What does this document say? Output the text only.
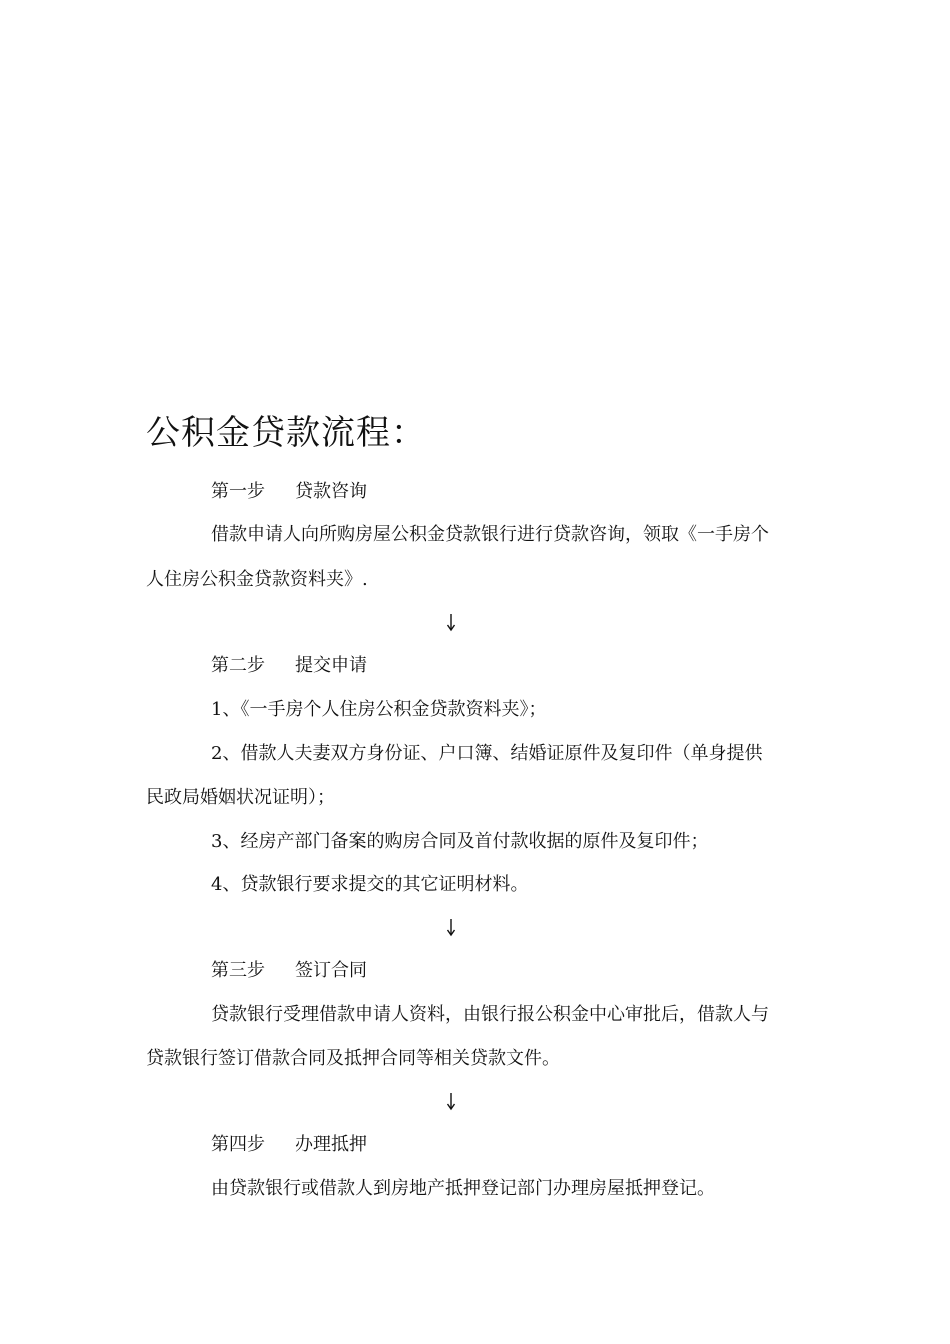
公积金贷款流程：
第一步 贷款咨询
借款申请人向所购房屋公积金贷款银行进行贷款咨询，领取《一手房个
人住房公积金贷款资料夹》.
第二步 提交申请
1、《一手房个人住房公积金贷款资料夹》；
2、借款人夫妻双方身份证、户口簿、结婚证原件及复印件（单身提供
民政局婚姻状况证明）；
3、经房产部门备案的购房合同及首付款收据的原件及复印件；
4、贷款银行要求提交的其它证明材料。
第三步 签订合同
贷款银行受理借款申请人资料，由银行报公积金中心审批后，借款人与
贷款银行签订借款合同及抵押合同等相关贷款文件。
第四步 办理抵押
由贷款银行或借款人到房地产抵押登记部门办理房屋抵押登记。
